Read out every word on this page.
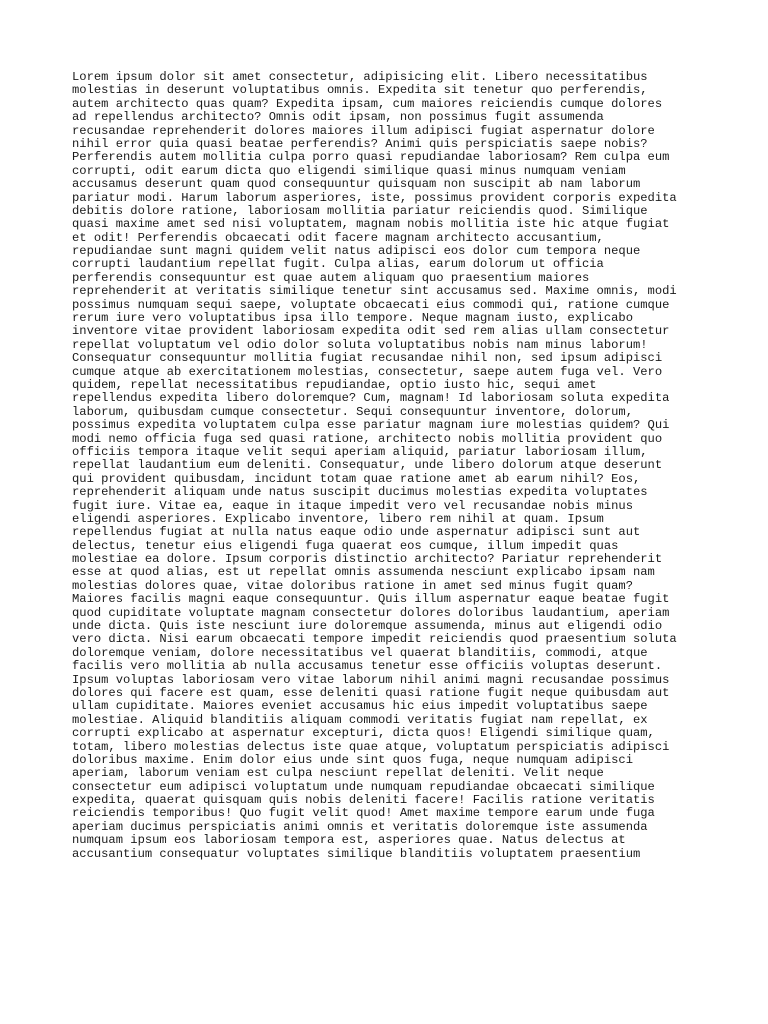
Lorem ipsum dolor sit amet consectetur, adipisicing elit. Libero necessitatibus
molestias in deserunt voluptatibus omnis. Expedita sit tenetur quo perferendis,
autem architecto quas quam? Expedita ipsam, cum maiores reiciendis cumque dolores
ad repellendus architecto? Omnis odit ipsam, non possimus fugit assumenda
recusandae reprehenderit dolores maiores illum adipisci fugiat aspernatur dolore
nihil error quia quasi beatae perferendis? Animi quis perspiciatis saepe nobis?
Perferendis autem mollitia culpa porro quasi repudiandae laboriosam? Rem culpa eum
corrupti, odit earum dicta quo eligendi similique quasi minus numquam veniam
accusamus deserunt quam quod consequuntur quisquam non suscipit ab nam laborum
pariatur modi. Harum laborum asperiores, iste, possimus provident corporis expedita
debitis dolore ratione, laboriosam mollitia pariatur reiciendis quod. Similique
quasi maxime amet sed nisi voluptatem, magnam nobis mollitia iste hic atque fugiat
et odit! Perferendis obcaecati odit facere magnam architecto accusantium,
repudiandae sunt magni quidem velit natus adipisci eos dolor cum tempora neque
corrupti laudantium repellat fugit. Culpa alias, earum dolorum ut officia
perferendis consequuntur est quae autem aliquam quo praesentium maiores
reprehenderit at veritatis similique tenetur sint accusamus sed. Maxime omnis, modi
possimus numquam sequi saepe, voluptate obcaecati eius commodi qui, ratione cumque
rerum iure vero voluptatibus ipsa illo tempore. Neque magnam iusto, explicabo
inventore vitae provident laboriosam expedita odit sed rem alias ullam consectetur
repellat voluptatum vel odio dolor soluta voluptatibus nobis nam minus laborum!
Consequatur consequuntur mollitia fugiat recusandae nihil non, sed ipsum adipisci
cumque atque ab exercitationem molestias, consectetur, saepe autem fuga vel. Vero
quidem, repellat necessitatibus repudiandae, optio iusto hic, sequi amet
repellendus expedita libero doloremque? Cum, magnam! Id laboriosam soluta expedita
laborum, quibusdam cumque consectetur. Sequi consequuntur inventore, dolorum,
possimus expedita voluptatem culpa esse pariatur magnam iure molestias quidem? Qui
modi nemo officia fuga sed quasi ratione, architecto nobis mollitia provident quo
officiis tempora itaque velit sequi aperiam aliquid, pariatur laboriosam illum,
repellat laudantium eum deleniti. Consequatur, unde libero dolorum atque deserunt
qui provident quibusdam, incidunt totam quae ratione amet ab earum nihil? Eos,
reprehenderit aliquam unde natus suscipit ducimus molestias expedita voluptates
fugit iure. Vitae ea, eaque in itaque impedit vero vel recusandae nobis minus
eligendi asperiores. Explicabo inventore, libero rem nihil at quam. Ipsum
repellendus fugiat at nulla natus eaque odio unde aspernatur adipisci sunt aut
delectus, tenetur eius eligendi fuga quaerat eos cumque, illum impedit quas
molestiae ea dolore. Ipsum corporis distinctio architecto? Pariatur reprehenderit
esse at quod alias, est ut repellat omnis assumenda nesciunt explicabo ipsam nam
molestias dolores quae, vitae doloribus ratione in amet sed minus fugit quam?
Maiores facilis magni eaque consequuntur. Quis illum aspernatur eaque beatae fugit
quod cupiditate voluptate magnam consectetur dolores doloribus laudantium, aperiam
unde dicta. Quis iste nesciunt iure doloremque assumenda, minus aut eligendi odio
vero dicta. Nisi earum obcaecati tempore impedit reiciendis quod praesentium soluta
doloremque veniam, dolore necessitatibus vel quaerat blanditiis, commodi, atque
facilis vero mollitia ab nulla accusamus tenetur esse officiis voluptas deserunt.
Ipsum voluptas laboriosam vero vitae laborum nihil animi magni recusandae possimus
dolores qui facere est quam, esse deleniti quasi ratione fugit neque quibusdam aut
ullam cupiditate. Maiores eveniet accusamus hic eius impedit voluptatibus saepe
molestiae. Aliquid blanditiis aliquam commodi veritatis fugiat nam repellat, ex
corrupti explicabo at aspernatur excepturi, dicta quos! Eligendi similique quam,
totam, libero molestias delectus iste quae atque, voluptatum perspiciatis adipisci
doloribus maxime. Enim dolor eius unde sint quos fuga, neque numquam adipisci
aperiam, laborum veniam est culpa nesciunt repellat deleniti. Velit neque
consectetur eum adipisci voluptatum unde numquam repudiandae obcaecati similique
expedita, quaerat quisquam quis nobis deleniti facere! Facilis ratione veritatis
reiciendis temporibus! Quo fugit velit quod! Amet maxime tempore earum unde fuga
aperiam ducimus perspiciatis animi omnis et veritatis doloremque iste assumenda
numquam ipsum eos laboriosam tempora est, asperiores quae. Natus delectus at
accusantium consequatur voluptates similique blanditiis voluptatem praesentium
